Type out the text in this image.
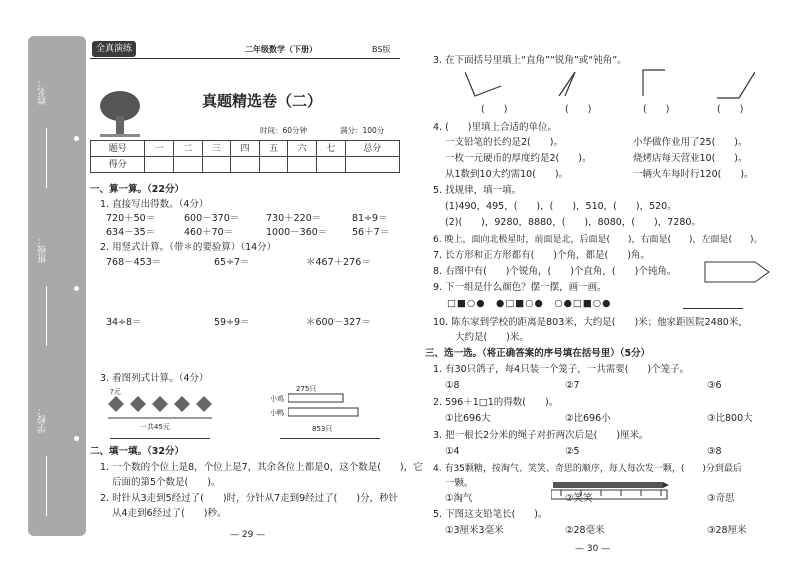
姓名：
班级：
学校：
全真演练	二年级数学（下册）	BS版
真题精选卷（二）
时间：60分钟	满分：100分
题号	一	二	三	四	五	六	七	总分
得分								
一、算一算。（22分）
1. 直接写出得数。（4分）
720＋50＝	600－370＝	730＋220＝	81÷9＝
634－35＝	460＋70＝	1000－360＝	56＋7＝
2. 用竖式计算。（带＊的要验算）（14分）
768－453＝	65÷7＝	＊467＋276＝
34÷8＝	59÷9＝	＊600－327＝
3. 看图列式计算。（4分）
?元
一共45元
275只
小鸡
小鸭
853只
二、填一填。（32分）
1. 一个数的个位上是8，个位上是7，其余各位上都是0，这个数是(　　)，它
后面的第5个数是(　　)。
2. 时针从3走到5经过了(　　)时，分针从7走到9经过了(　　)分，秒针
从4走到6经过了(　　)秒。
— 29 —
3. 在下面括号里填上“直角”“锐角”或“钝角”。
(　　)	(　　)	(　　)	(　　)
4. (　　)里填上合适的单位。
一支铅笔的长约是2(　　)。	小华做作业用了25(　　)。
一枚一元硬币的厚度约是2(　　)。	烧烤店每天营业10(　　)。
从1数到10大约需10(　　)。	一辆火车每时行120(　　)。
5. 找规律，填一填。
(1)490，495，(　　)，(　　)，510，(　　)，520。
(2)(　　)，9280，8880，(　　)，8080，(　　)，7280。
6. 晚上，面向北极星时，前面是北，后面是(　　)，右面是(　　)，左面是(　　)。
7. 长方形和正方形都有(　　)个角，都是(　　)角。
8. 右图中有(　　)个锐角，(　　)个直角，(　　)个钝角。
9. 下一组是什么颜色？摆一摆，画一画。
□■○●　●□■○●　○●□■○●
10. 陈东家到学校的距离是803米，大约是(　　)米；他家距医院2480米，
大约是(　　)米。
三、选一选。（将正确答案的序号填在括号里）（5分）
1. 有30只鸽子，每4只装一个笼子，一共需要(　　)个笼子。
①8	②7	③6
2. 596＋1□1的得数(　　)。
①比696大	②比696小	③比800大
3. 把一根长2分米的绳子对折两次后是(　　)厘米。
①4	②5	③8
4. 有35颗糖，按淘气、笑笑、奇思的顺序，每人每次发一颗，(　　)分到最后
一颗。
①淘气	②笑笑	③奇思
5. 下图这支铅笔长(　　)。
①3厘米3毫米	②28毫米	③28厘米
— 30 —
